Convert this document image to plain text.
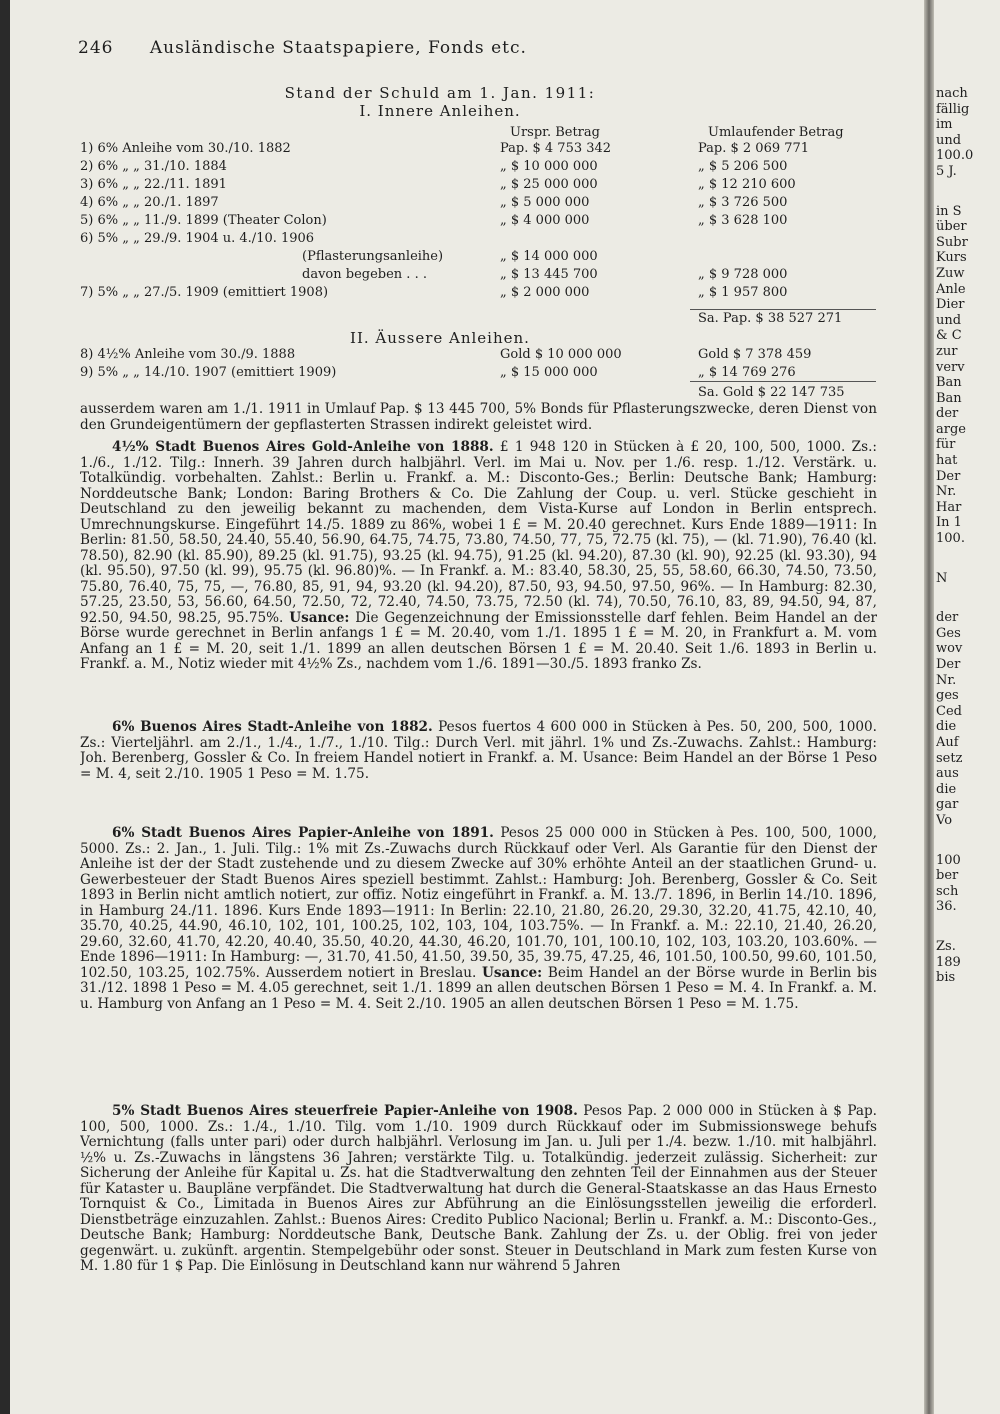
246 Ausländische Staatspapiere, Fonds etc.
Stand der Schuld am 1. Jan. 1911:
I. Innere Anleihen.
Urspr. Betrag	Umlaufender Betrag
1) 6% Anleihe vom 30./10. 1882	Pap. $ 4 753 342	Pap. $ 2 069 771
2) 6% „ „ 31./10. 1884	„ $ 10 000 000	„ $ 5 206 500
3) 6% „ „ 22./11. 1891	„ $ 25 000 000	„ $ 12 210 600
4) 6% „ „ 20./1. 1897	„ $ 5 000 000	„ $ 3 726 500
5) 6% „ „ 11./9. 1899 (Theater Colon)	„ $ 4 000 000	„ $ 3 628 100
6) 5% „ „ 29./9. 1904 u. 4./10. 1906
(Pflasterungsanleihe)	„ $ 14 000 000
davon begeben . . .	„ $ 13 445 700	„ $ 9 728 000
7) 5% „ „ 27./5. 1909 (emittiert 1908)	„ $ 2 000 000	„ $ 1 957 800
Sa. Pap. $ 38 527 271
II. Äussere Anleihen.
8) 4½% Anleihe vom 30./9. 1888	Gold $ 10 000 000	Gold $ 7 378 459
9) 5% „ „ 14./10. 1907 (emittiert 1909)	„ $ 15 000 000	„ $ 14 769 276
Sa. Gold $ 22 147 735
ausserdem waren am 1./1. 1911 in Umlauf Pap. $ 13 445 700, 5% Bonds für Pflasterungszwecke, deren Dienst von den Grundeigentümern der gepflasterten Strassen indirekt geleistet wird.
4½% Stadt Buenos Aires Gold-Anleihe von 1888. £ 1 948 120 in Stücken à £ 20, 100, 500, 1000. Zs.: 1./6., 1./12. Tilg.: Innerh. 39 Jahren durch halbjährl. Verl. im Mai u. Nov. per 1./6. resp. 1./12. Verstärk. u. Totalkündig. vorbehalten. Zahlst.: Berlin u. Frankf. a. M.: Disconto-Ges.; Berlin: Deutsche Bank; Hamburg: Norddeutsche Bank; London: Baring Brothers & Co. Die Zahlung der Coup. u. verl. Stücke geschieht in Deutschland zu den jeweilig bekannt zu machenden, dem Vista-Kurse auf London in Berlin entsprech. Umrechnungskurse. Eingeführt 14./5. 1889 zu 86%, wobei 1 £ = M. 20.40 gerechnet. Kurs Ende 1889—1911: In Berlin: 81.50, 58.50, 24.40, 55.40, 56.90, 64.75, 74.75, 73.80, 74.50, 77, 75, 72.75 (kl. 75), — (kl. 71.90), 76.40 (kl. 78.50), 82.90 (kl. 85.90), 89.25 (kl. 91.75), 93.25 (kl. 94.75), 91.25 (kl. 94.20), 87.30 (kl. 90), 92.25 (kl. 93.30), 94 (kl. 95.50), 97.50 (kl. 99), 95.75 (kl. 96.80)%. — In Frankf. a. M.: 83.40, 58.30, 25, 55, 58.60, 66.30, 74.50, 73.50, 75.80, 76.40, 75, 75, —, 76.80, 85, 91, 94, 93.20 (kl. 94.20), 87.50, 93, 94.50, 97.50, 96%. — In Hamburg: 82.30, 57.25, 23.50, 53, 56.60, 64.50, 72.50, 72, 72.40, 74.50, 73.75, 72.50 (kl. 74), 70.50, 76.10, 83, 89, 94.50, 94, 87, 92.50, 94.50, 98.25, 95.75%. Usance: Die Gegenzeichnung der Emissionsstelle darf fehlen. Beim Handel an der Börse wurde gerechnet in Berlin anfangs 1 £ = M. 20.40, vom 1./1. 1895 1 £ = M. 20, in Frankfurt a. M. vom Anfang an 1 £ = M. 20, seit 1./1. 1899 an allen deutschen Börsen 1 £ = M. 20.40. Seit 1./6. 1893 in Berlin u. Frankf. a. M., Notiz wieder mit 4½% Zs., nachdem vom 1./6. 1891—30./5. 1893 franko Zs.
6% Buenos Aires Stadt-Anleihe von 1882. Pesos fuertos 4 600 000 in Stücken à Pes. 50, 200, 500, 1000. Zs.: Vierteljährl. am 2./1., 1./4., 1./7., 1./10. Tilg.: Durch Verl. mit jährl. 1% und Zs.-Zuwachs. Zahlst.: Hamburg: Joh. Berenberg, Gossler & Co. In freiem Handel notiert in Frankf. a. M. Usance: Beim Handel an der Börse 1 Peso = M. 4, seit 2./10. 1905 1 Peso = M. 1.75.
6% Stadt Buenos Aires Papier-Anleihe von 1891. Pesos 25 000 000 in Stücken à Pes. 100, 500, 1000, 5000. Zs.: 2. Jan., 1. Juli. Tilg.: 1% mit Zs.-Zuwachs durch Rückkauf oder Verl. Als Garantie für den Dienst der Anleihe ist der der Stadt zustehende und zu diesem Zwecke auf 30% erhöhte Anteil an der staatlichen Grund- u. Gewerbesteuer der Stadt Buenos Aires speziell bestimmt. Zahlst.: Hamburg: Joh. Berenberg, Gossler & Co. Seit 1893 in Berlin nicht amtlich notiert, zur offiz. Notiz eingeführt in Frankf. a. M. 13./7. 1896, in Berlin 14./10. 1896, in Hamburg 24./11. 1896. Kurs Ende 1893—1911: In Berlin: 22.10, 21.80, 26.20, 29.30, 32.20, 41.75, 42.10, 40, 35.70, 40.25, 44.90, 46.10, 102, 101, 100.25, 102, 103, 104, 103.75%. — In Frankf. a. M.: 22.10, 21.40, 26.20, 29.60, 32.60, 41.70, 42.20, 40.40, 35.50, 40.20, 44.30, 46.20, 101.70, 101, 100.10, 102, 103, 103.20, 103.60%. — Ende 1896—1911: In Hamburg: —, 31.70, 41.50, 41.50, 39.50, 35, 39.75, 47.25, 46, 101.50, 100.50, 99.60, 101.50, 102.50, 103.25, 102.75%. Ausserdem notiert in Breslau. Usance: Beim Handel an der Börse wurde in Berlin bis 31./12. 1898 1 Peso = M. 4.05 gerechnet, seit 1./1. 1899 an allen deutschen Börsen 1 Peso = M. 4. In Frankf. a. M. u. Hamburg von Anfang an 1 Peso = M. 4. Seit 2./10. 1905 an allen deutschen Börsen 1 Peso = M. 1.75.
5% Stadt Buenos Aires steuerfreie Papier-Anleihe von 1908. Pesos Pap. 2 000 000 in Stücken à $ Pap. 100, 500, 1000. Zs.: 1./4., 1./10. Tilg. vom 1./10. 1909 durch Rückkauf oder im Submissionswege behufs Vernichtung (falls unter pari) oder durch halbjährl. Verlosung im Jan. u. Juli per 1./4. bezw. 1./10. mit halbjährl. ½% u. Zs.-Zuwachs in längstens 36 Jahren; verstärkte Tilg. u. Totalkündig. jederzeit zulässig. Sicherheit: zur Sicherung der Anleihe für Kapital u. Zs. hat die Stadtverwaltung den zehnten Teil der Einnahmen aus der Steuer für Kataster u. Baupläne verpfändet. Die Stadtverwaltung hat durch die General-Staatskasse an das Haus Ernesto Tornquist & Co., Limitada in Buenos Aires zur Abführung an die Einlösungsstellen jeweilig die erforderl. Dienstbeträge einzuzahlen. Zahlst.: Buenos Aires: Credito Publico Nacional; Berlin u. Frankf. a. M.: Disconto-Ges., Deutsche Bank; Hamburg: Norddeutsche Bank, Deutsche Bank. Zahlung der Zs. u. der Oblig. frei von jeder gegenwärt. u. zukünft. argentin. Stempelgebühr oder sonst. Steuer in Deutschland in Mark zum festen Kurse von M. 1.80 für 1 $ Pap. Die Einlösung in Deutschland kann nur während 5 Jahren
nach
fällig
im
und
100.0
5 J.
in S
über
Subr
Kurs
Zuw
Anle
Dier
und
& C
zur
verv
Ban
Ban
der
arge
für
hat
Der
Nr.
Har
In 1
100.
N
der
Ges
wov
Der
Nr.
ges
Ced
die
Auf
setz
aus
die
gar
Vo
100
ber
sch
36.
Zs.
189
bis
